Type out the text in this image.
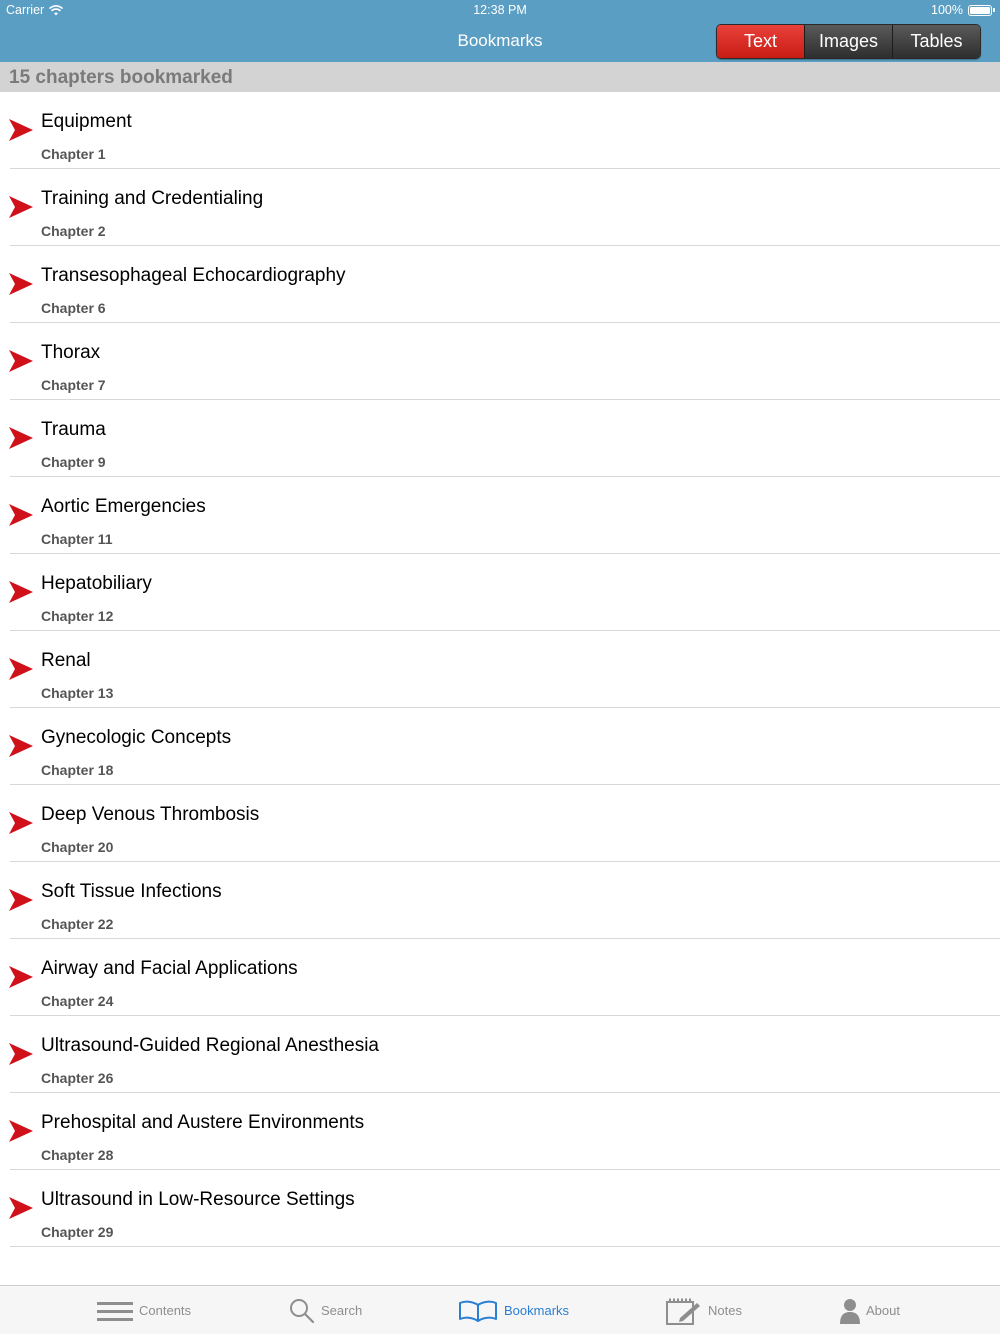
Carrier	12:38 PM	100%
Bookmarks	Text	Images	Tables
15 chapters bookmarked
Equipment
Chapter 1
Training and Credentialing
Chapter 2
Transesophageal Echocardiography
Chapter 6
Thorax
Chapter 7
Trauma
Chapter 9
Aortic Emergencies
Chapter 11
Hepatobiliary
Chapter 12
Renal
Chapter 13
Gynecologic Concepts
Chapter 18
Deep Venous Thrombosis
Chapter 20
Soft Tissue Infections
Chapter 22
Airway and Facial Applications
Chapter 24
Ultrasound-Guided Regional Anesthesia
Chapter 26
Prehospital and Austere Environments
Chapter 28
Ultrasound in Low-Resource Settings
Chapter 29
Contents	Search	Bookmarks	Notes	About
